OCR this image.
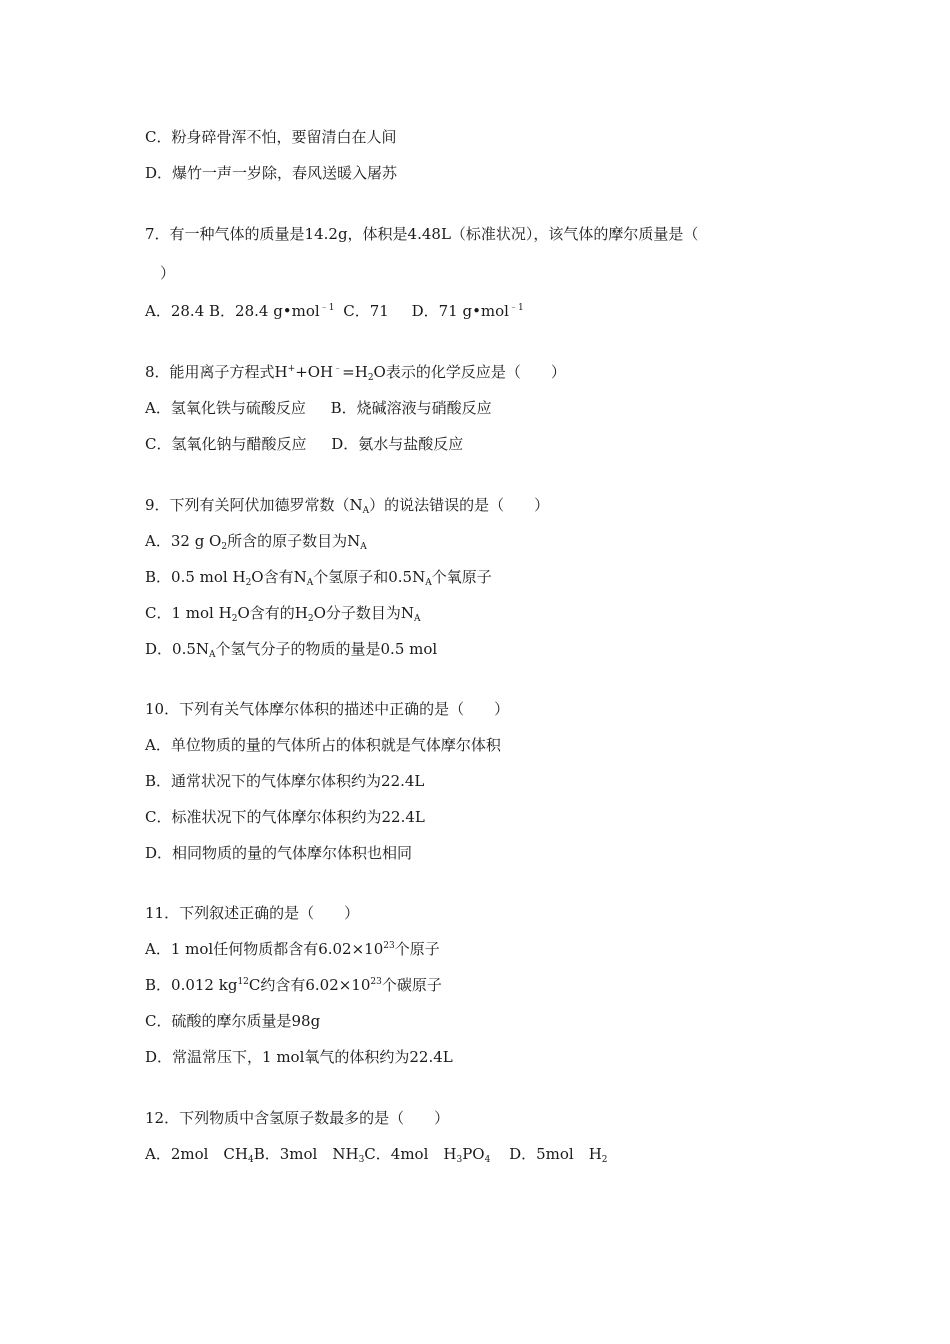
C．粉身碎骨浑不怕，要留清白在人间
D．爆竹一声一岁除，春风送暖入屠苏
7．有一种气体的质量是14.2g，体积是4.48L（标准状况），该气体的摩尔质量是（
）
A．28.4 B．28.4 g•mol$^{﹣1}$ C．71 D．71 g•mol$^{﹣1}$
8．能用离子方程式$H^++OH^﹣=H_2O$表示的化学反应是（　　）
A．氢氧化铁与硫酸反应 B．烧碱溶液与硝酸反应
C．氢氧化钠与醋酸反应 D．氨水与盐酸反应
9．下列有关阿伏加德罗常数$(N_A)$的说法错误的是（　　）
A．32 g $O_2$所含的原子数目为$N_A$
B．0.5 mol $H_2O$含有$N_A$个氢原子和$0.5N_A$个氧原子
C．1 mol $H_2O$含有的$H_2O$分子数目为$N_A$
D．$0.5N_A$个氢气分子的物质的量是0.5 mol
10．下列有关气体摩尔体积的描述中正确的是（　　）
A．单位物质的量的气体所占的体积就是气体摩尔体积
B．通常状况下的气体摩尔体积约为22.4L
C．标准状况下的气体摩尔体积约为22.4L
D．相同物质的量的气体摩尔体积也相同
11．下列叙述正确的是（　　）
A．1 mol任何物质都含有$6.02\times 10^{23}$个原子
B．0.012 $kg^{12}C$约含有$6.02\times 10^{23}$个碳原子
C．硫酸的摩尔质量是98g
D．常温常压下，1 mol氧气的体积约为22.4L
12．下列物质中含氢原子数最多的是（　　）
A．2mol　$CH_4B$．3mol　$NH_3C$．4mol　$H_3PO_4$ D．5mol　$H_2$
